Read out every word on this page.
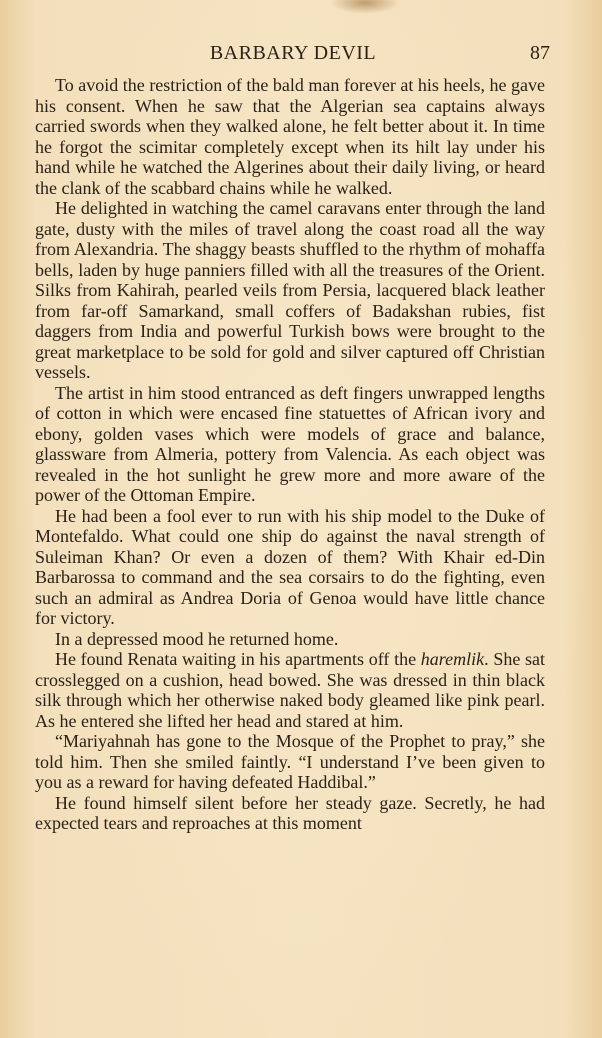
BARBARY DEVIL	87

To avoid the restriction of the bald man forever at his heels, he gave his consent. When he saw that the Algerian sea captains always carried swords when they walked alone, he felt better about it. In time he forgot the scimitar completely except when its hilt lay under his hand while he watched the Algerines about their daily living, or heard the clank of the scabbard chains while he walked.

He delighted in watching the camel caravans enter through the land gate, dusty with the miles of travel along the coast road all the way from Alexandria. The shaggy beasts shuffled to the rhythm of mohaffa bells, laden by huge panniers filled with all the treasures of the Orient. Silks from Kahirah, pearled veils from Persia, lacquered black leather from far-off Samarkand, small coffers of Badakshan rubies, fist daggers from India and powerful Turkish bows were brought to the great marketplace to be sold for gold and silver captured off Christian vessels.

The artist in him stood entranced as deft fingers unwrapped lengths of cotton in which were encased fine statuettes of African ivory and ebony, golden vases which were models of grace and balance, glassware from Almeria, pottery from Valencia. As each object was revealed in the hot sunlight he grew more and more aware of the power of the Ottoman Empire.

He had been a fool ever to run with his ship model to the Duke of Montefaldo. What could one ship do against the naval strength of Suleiman Khan? Or even a dozen of them? With Khair ed-Din Barbarossa to command and the sea corsairs to do the fighting, even such an admiral as Andrea Doria of Genoa would have little chance for victory.

In a depressed mood he returned home.

He found Renata waiting in his apartments off the haremlik. She sat crosslegged on a cushion, head bowed. She was dressed in thin black silk through which her otherwise naked body gleamed like pink pearl. As he entered she lifted her head and stared at him.

“Mariyahnah has gone to the Mosque of the Prophet to pray,” she told him. Then she smiled faintly. “I understand I’ve been given to you as a reward for having defeated Haddibal.”

He found himself silent before her steady gaze. Secretly, he had expected tears and reproaches at this moment
